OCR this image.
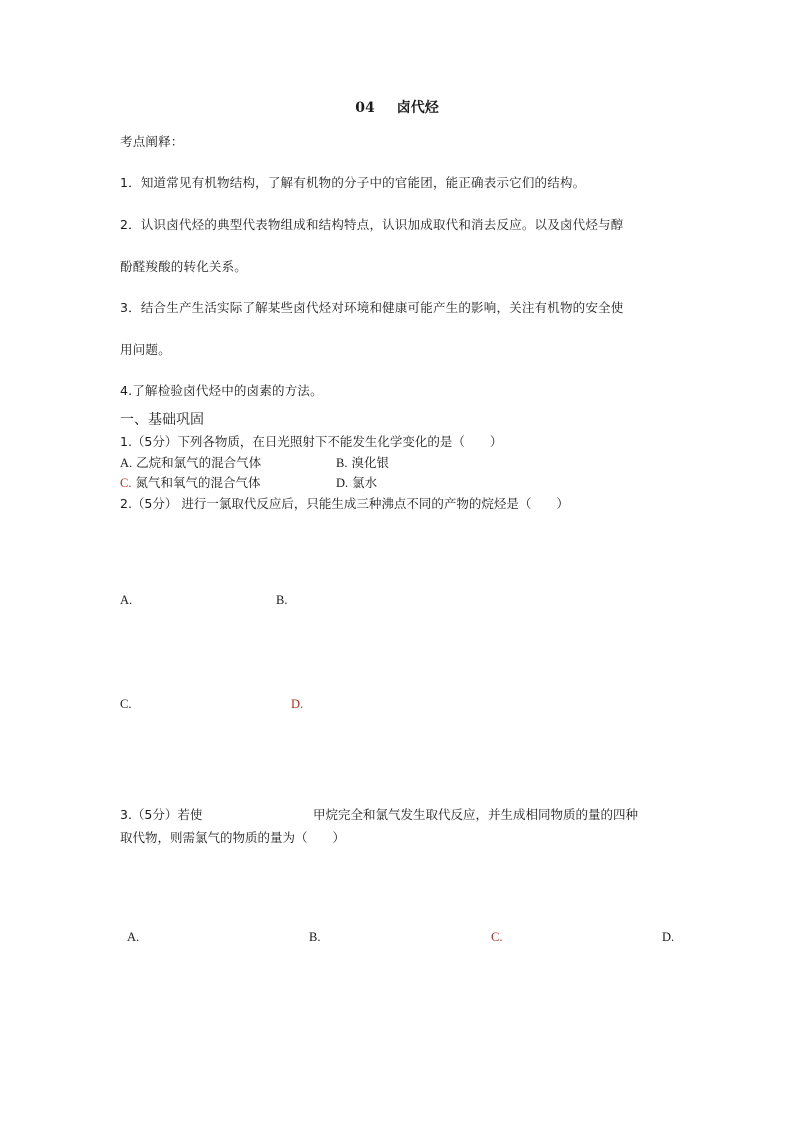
04 卤代烃
考点阐释：
1．知道常见有机物结构，了解有机物的分子中的官能团，能正确表示它们的结构。
2．认识卤代烃的典型代表物组成和结构特点，认识加成取代和消去反应。以及卤代烃与醇
酚醛羧酸的转化关系。
3．结合生产生活实际了解某些卤代烃对环境和健康可能产生的影响，关注有机物的安全使
用问题。
4.了解检验卤代烃中的卤素的方法。
一、基础巩固
1.（5分）下列各物质，在日光照射下不能发生化学变化的是（　　）
A. 乙烷和氯气的混合气体	B. 溴化银
C. 氮气和氧气的混合气体	D. 氯水
2.（5分） 进行一氯取代反应后，只能生成三种沸点不同的产物的烷烃是（　　）
A.	B.
C.	D.
3.（5分）若使	甲烷完全和氯气发生取代反应，并生成相同物质的量的四种
取代物，则需氯气的物质的量为（　　）
A.	B.	C.	D.
